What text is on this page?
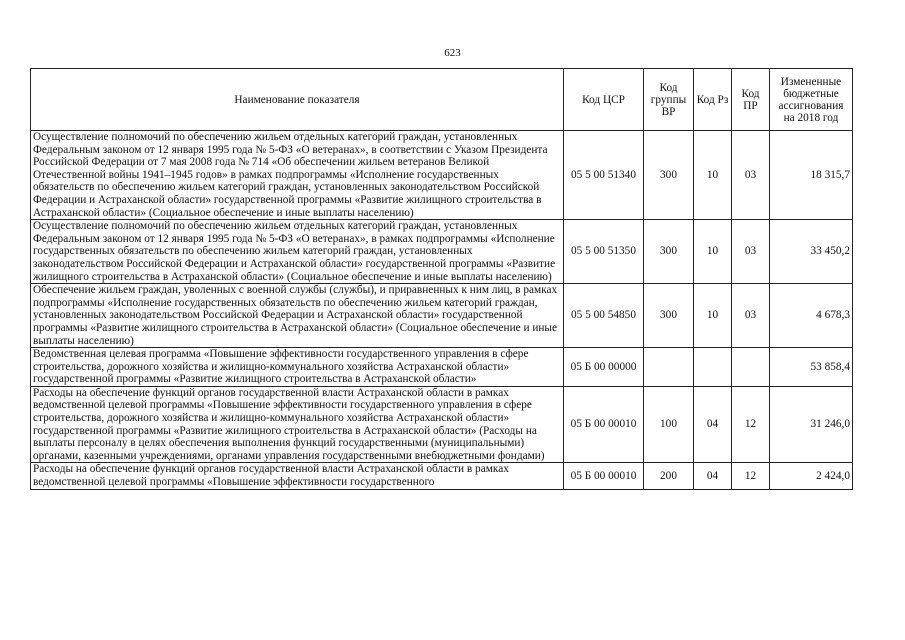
623
Наименование показателя	Код ЦСР	Код группы ВР	Код Рз	Код ПР	Измененные бюджетные ассигнования на 2018 год
Осуществление полномочий по обеспечению жильем отдельных категорий граждан, установленных Федеральным законом от 12 января 1995 года № 5-ФЗ «О ветеранах», в соответствии с Указом Президента Российской Федерации от 7 мая 2008 года № 714 «Об обеспечении жильем ветеранов Великой Отечественной войны 1941–1945 годов» в рамках подпрограммы «Исполнение государственных обязательств по обеспечению жильем категорий граждан, установленных законодательством Российской Федерации и Астраханской области» государственной программы «Развитие жилищного строительства в Астраханской области» (Социальное обеспечение и иные выплаты населению)	05 5 00 51340	300	10	03	18 315,7
Осуществление полномочий по обеспечению жильем отдельных категорий граждан, установленных Федеральным законом от 12 января 1995 года № 5-ФЗ «О ветеранах», в рамках подпрограммы «Исполнение государственных обязательств по обеспечению жильем категорий граждан, установленных законодательством Российской Федерации и Астраханской области» государственной программы «Развитие жилищного строительства в Астраханской области» (Социальное обеспечение и иные выплаты населению)	05 5 00 51350	300	10	03	33 450,2
Обеспечение жильем граждан, уволенных с военной службы (службы), и приравненных к ним лиц, в рамках подпрограммы «Исполнение государственных обязательств по обеспечению жильем категорий граждан, установленных законодательством Российской Федерации и Астраханской области» государственной программы «Развитие жилищного строительства в Астраханской области» (Социальное обеспечение и иные выплаты населению)	05 5 00 54850	300	10	03	4 678,3
Ведомственная целевая программа «Повышение эффективности государственного управления в сфере строительства, дорожного хозяйства и жилищно-коммунального хозяйства Астраханской области» государственной программы «Развитие жилищного строительства в Астраханской области»	05 Б 00 00000				53 858,4
Расходы на обеспечение функций органов государственной власти Астраханской области в рамках ведомственной целевой программы «Повышение эффективности государственного управления в сфере строительства, дорожного хозяйства и жилищно-коммунального хозяйства Астраханской области» государственной программы «Развитие жилищного строительства в Астраханской области» (Расходы на выплаты персоналу в целях обеспечения выполнения функций государственными (муниципальными) органами, казенными учреждениями, органами управления государственными внебюджетными фондами)	05 Б 00 00010	100	04	12	31 246,0
Расходы на обеспечение функций органов государственной власти Астраханской области в рамках ведомственной целевой программы «Повышение эффективности государственного	05 Б 00 00010	200	04	12	2 424,0
